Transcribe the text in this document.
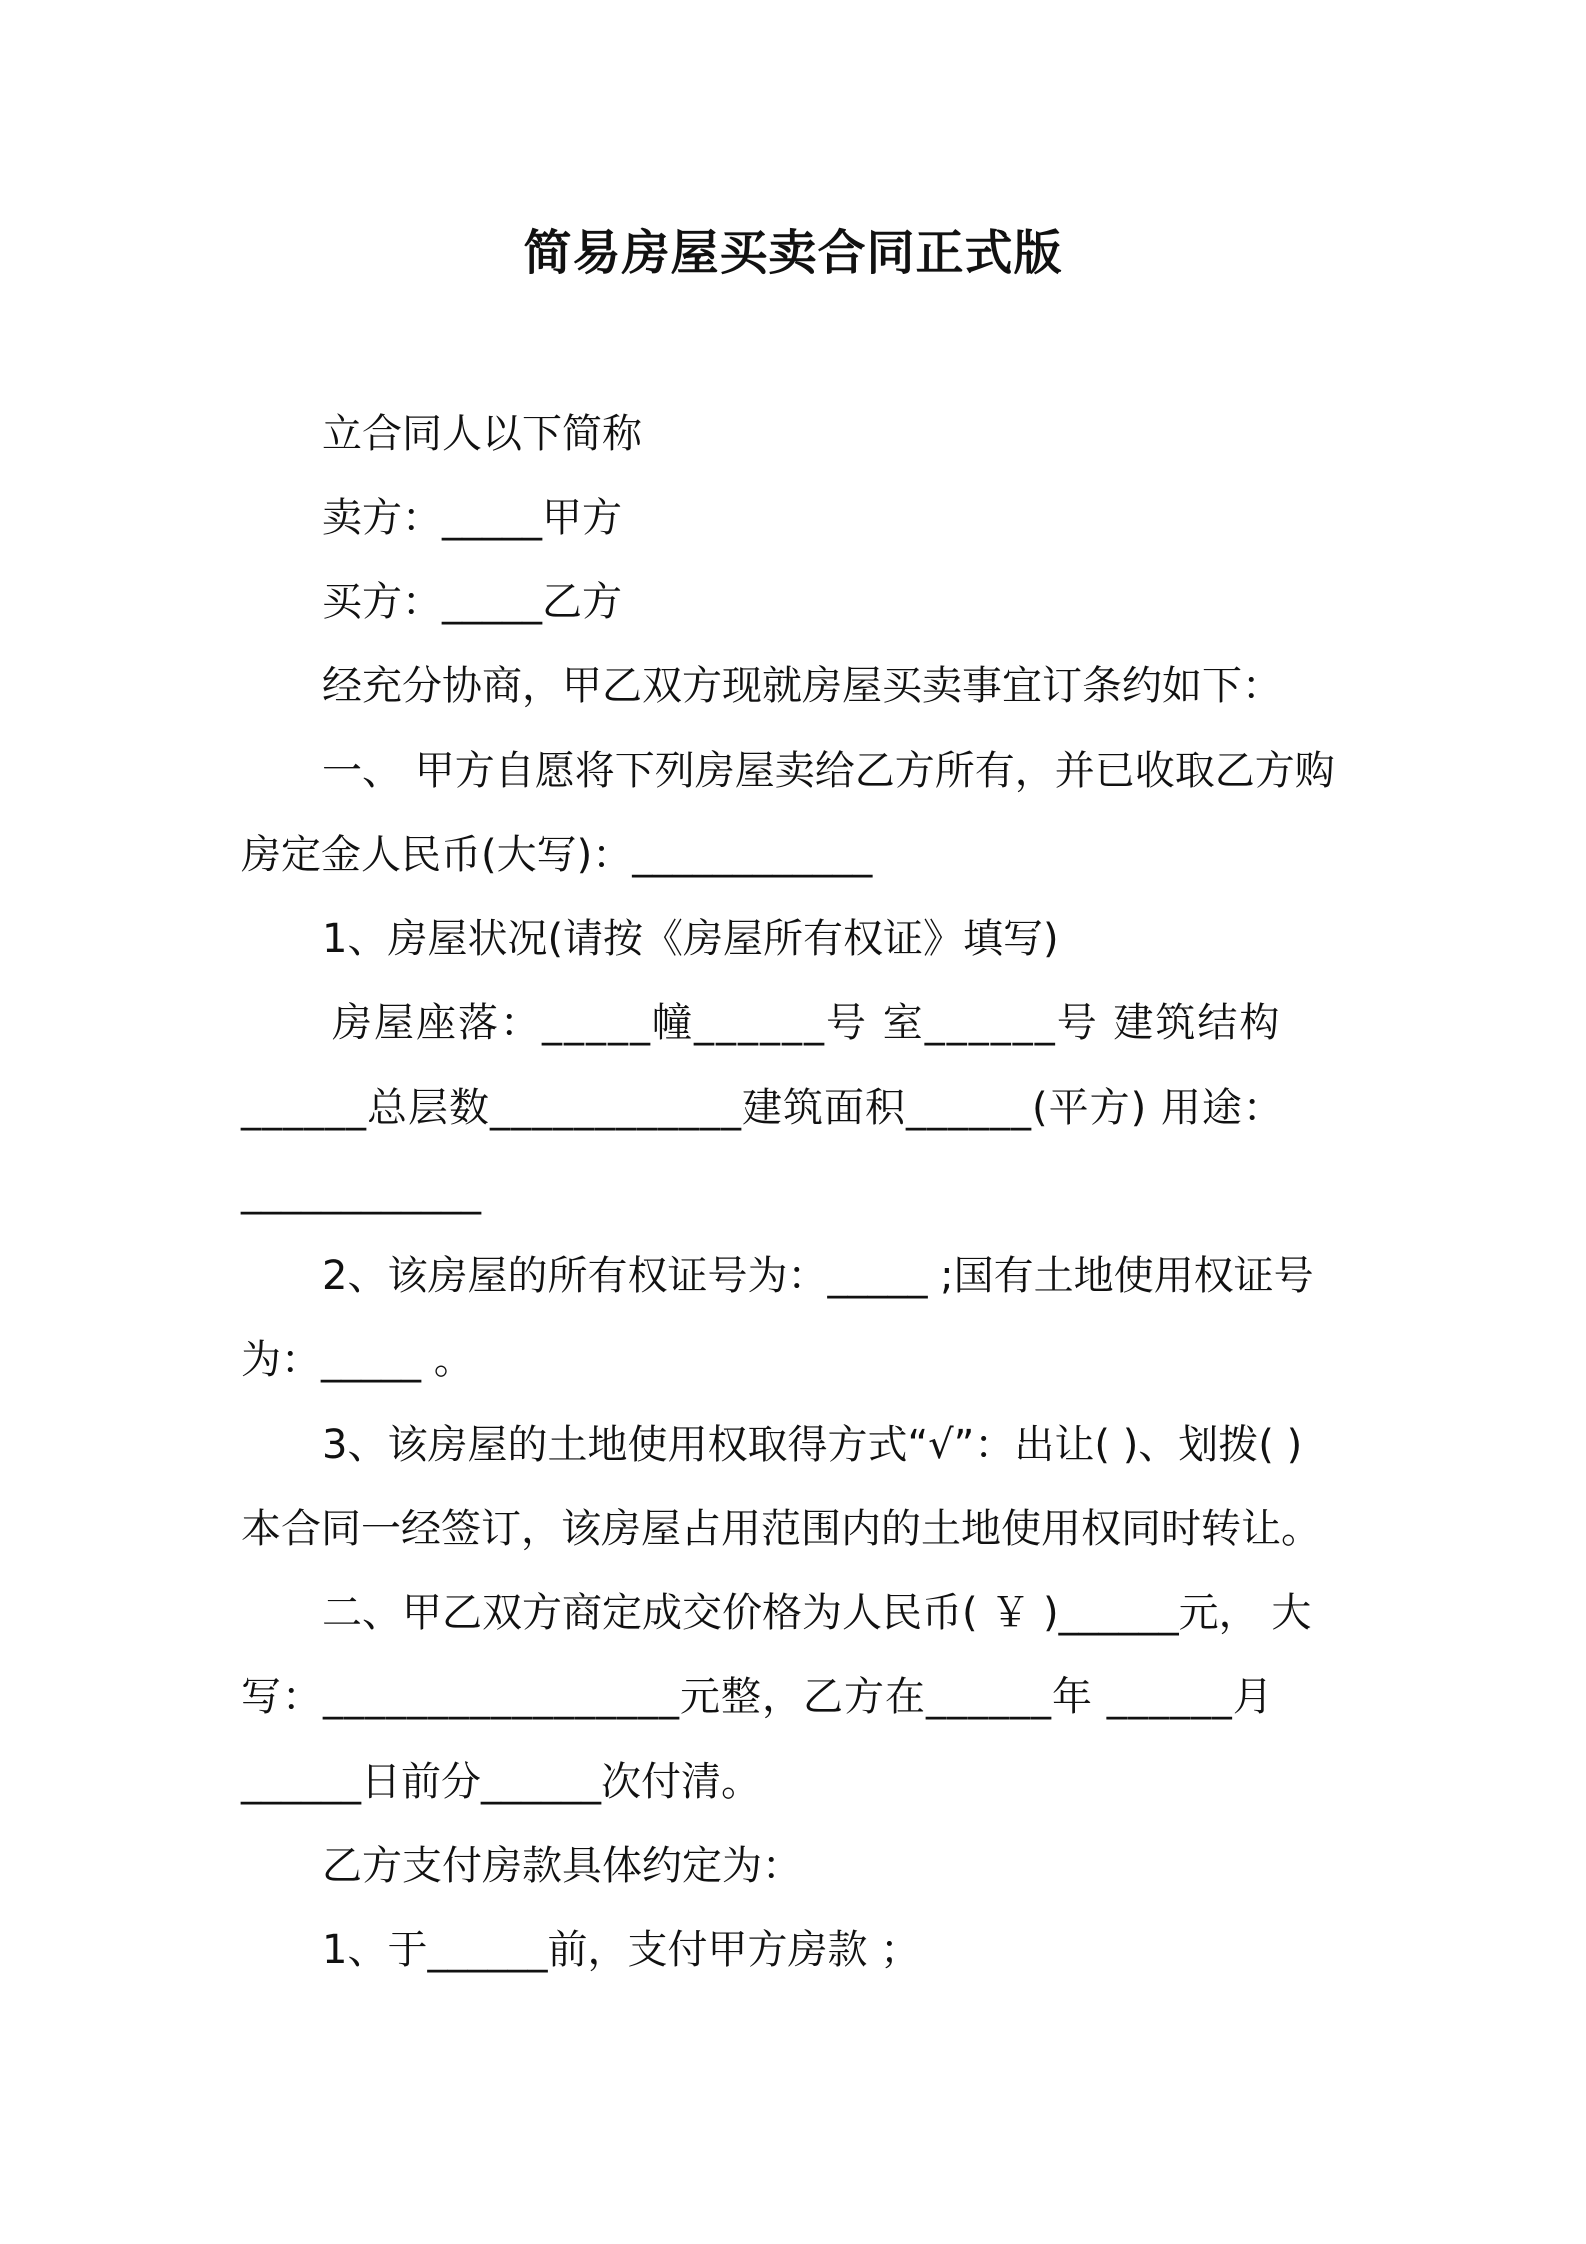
简易房屋买卖合同正式版
立合同人以下简称
卖方：_____甲方
买方：_____乙方
经充分协商，甲乙双方现就房屋买卖事宜订条约如下：
一、 甲方自愿将下列房屋卖给乙方所有，并已收取乙方购
房定金人民币(大写)：____________
1、房屋状况(请按《房屋所有权证》填写)
房屋座落：_____幢______号 室______号 建筑结构
______总层数____________建筑面积______(平方) 用途：
____________
2、该房屋的所有权证号为：_____ ;国有土地使用权证号
为：_____ 。
3、该房屋的土地使用权取得方式“√”：出让( )、划拨( )
本合同一经签订，该房屋占用范围内的土地使用权同时转让。
二、甲乙双方商定成交价格为人民币( ￥ )______元， 大
写：_________________元整，乙方在______年 ______月
______日前分______次付清。
乙方支付房款具体约定为：
1、于______前，支付甲方房款 ；
